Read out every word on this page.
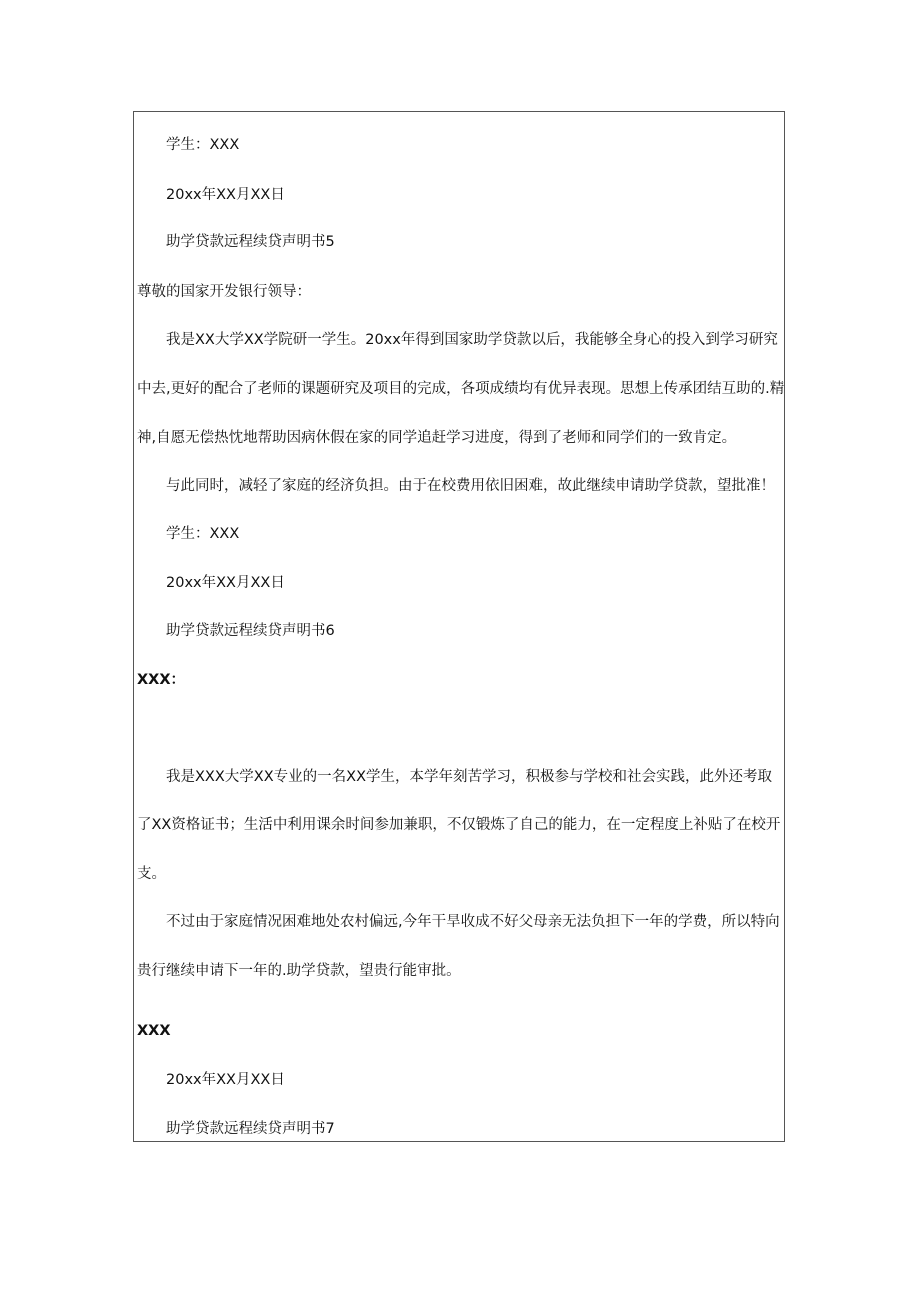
学生：XXX
20xx年XX月XX日
助学贷款远程续贷声明书5
尊敬的国家开发银行领导：
我是XX大学XX学院研一学生。20xx年得到国家助学贷款以后，我能够全身心的投入到学习研究
中去,更好的配合了老师的课题研究及项目的完成，各项成绩均有优异表现。思想上传承团结互助的.精
神,自愿无偿热忱地帮助因病休假在家的同学追赶学习进度，得到了老师和同学们的一致肯定。
与此同时，减轻了家庭的经济负担。由于在校费用依旧困难，故此继续申请助学贷款，望批准！
学生：XXX
20xx年XX月XX日
助学贷款远程续贷声明书6
XXX：
我是XXX大学XX专业的一名XX学生，本学年刻苦学习，积极参与学校和社会实践，此外还考取
了XX资格证书；生活中利用课余时间参加兼职，不仅锻炼了自己的能力，在一定程度上补贴了在校开
支。
不过由于家庭情况困难地处农村偏远,今年干旱收成不好父母亲无法负担下一年的学费，所以特向
贵行继续申请下一年的.助学贷款，望贵行能审批。
XXX
20xx年XX月XX日
助学贷款远程续贷声明书7
